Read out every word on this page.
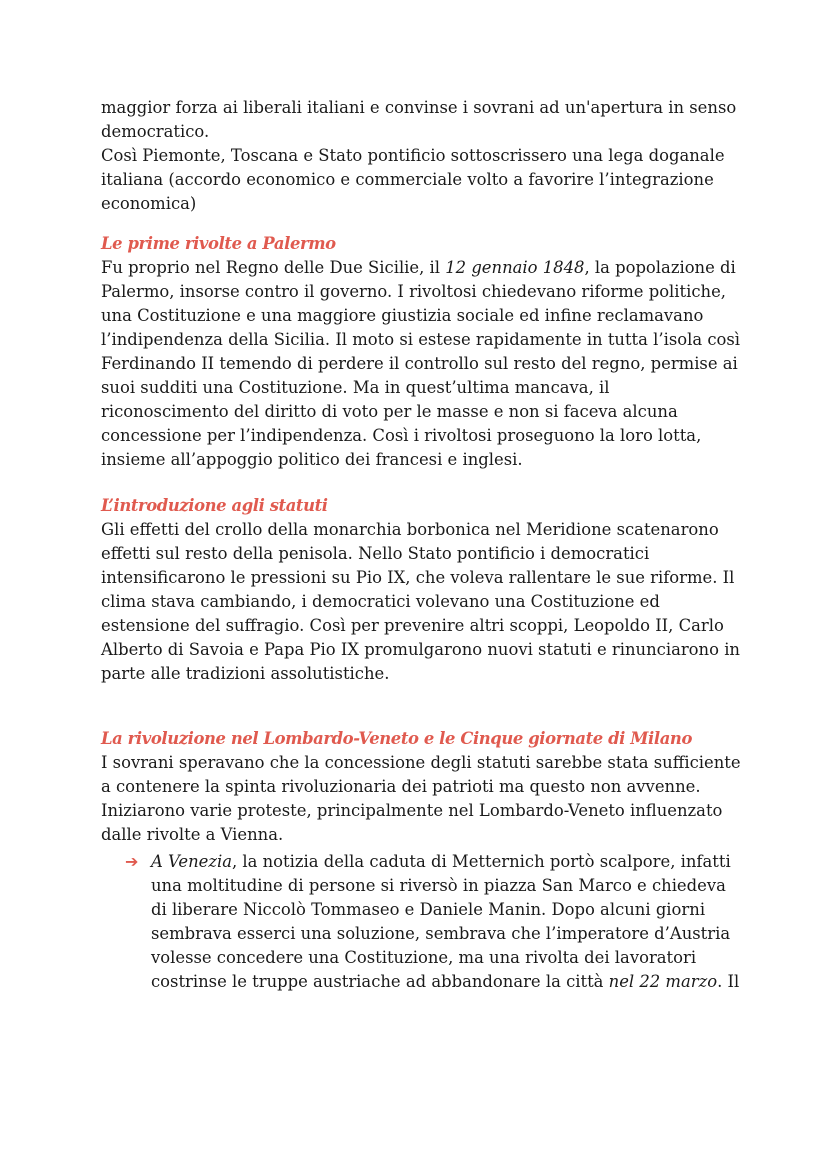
maggior forza ai liberali italiani e convinse i sovrani ad un'apertura in senso democratico.

Così Piemonte, Toscana e Stato pontificio sottoscrissero una lega doganale italiana (accordo economico e commerciale volto a favorire l’integrazione economica)

Le prime rivolte a Palermo

Fu proprio nel Regno delle Due Sicilie, il 12 gennaio 1848, la popolazione di Palermo, insorse contro il governo. I rivoltosi chiedevano riforme politiche, una Costituzione e una maggiore giustizia sociale ed infine reclamavano l’indipendenza della Sicilia. Il moto si estese rapidamente in tutta l’isola così Ferdinando II temendo di perdere il controllo sul resto del regno, permise ai suoi sudditi una Costituzione. Ma in quest’ultima mancava, il riconoscimento del diritto di voto per le masse e non si faceva alcuna concessione per l’indipendenza. Così i rivoltosi proseguono la loro lotta, insieme all’appoggio politico dei francesi e inglesi.

L’introduzione agli statuti

Gli effetti del crollo della monarchia borbonica nel Meridione scatenarono effetti sul resto della penisola. Nello Stato pontificio i democratici intensificarono le pressioni su Pio IX, che voleva rallentare le sue riforme. Il clima stava cambiando, i democratici volevano una Costituzione ed estensione del suffragio. Così per prevenire altri scoppi, Leopoldo II, Carlo Alberto di Savoia e Papa Pio IX promulgarono nuovi statuti e rinunciarono in parte alle tradizioni assolutistiche.

La rivoluzione nel Lombardo-Veneto e le Cinque giornate di Milano

I sovrani speravano che la concessione degli statuti sarebbe stata sufficiente a contenere la spinta rivoluzionaria dei patrioti ma questo non avvenne. Iniziarono varie proteste, principalmente nel Lombardo-Veneto influenzato dalle rivolte a Vienna.

➔ A Venezia, la notizia della caduta di Metternich portò scalpore, infatti una moltitudine di persone si riversò in piazza San Marco e chiedeva di liberare Niccolò Tommaseo e Daniele Manin. Dopo alcuni giorni sembrava esserci una soluzione, sembrava che l’imperatore d’Austria volesse concedere una Costituzione, ma una rivolta dei lavoratori costrinse le truppe austriache ad abbandonare la città nel 22 marzo. Il
